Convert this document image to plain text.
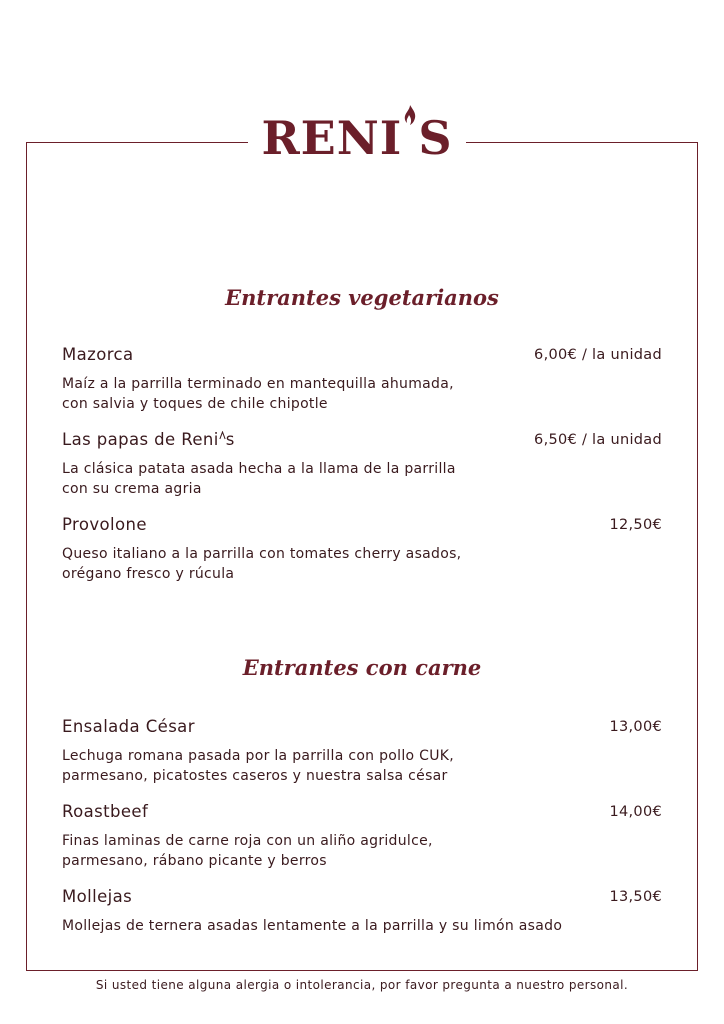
RENI S
Entrantes vegetarianos
Mazorca	6,00€ / la unidad
Maíz a la parrilla terminado en mantequilla ahumada,
con salvia y toques de chile chipotle
Las papas de Reni s	6,50€ / la unidad
La clásica patata asada hecha a la llama de la parrilla
con su crema agria
Provolone	12,50€
Queso italiano a la parrilla con tomates cherry asados,
orégano fresco y rúcula
Entrantes con carne
Ensalada César	13,00€
Lechuga romana pasada por la parrilla con pollo CUK,
parmesano, picatostes caseros y nuestra salsa césar
Roastbeef	14,00€
Finas laminas de carne roja con un aliño agridulce,
parmesano, rábano picante y berros
Mollejas	13,50€
Mollejas de ternera asadas lentamente a la parrilla y su limón asado
Si usted tiene alguna alergia o intolerancia, por favor pregunta a nuestro personal.
